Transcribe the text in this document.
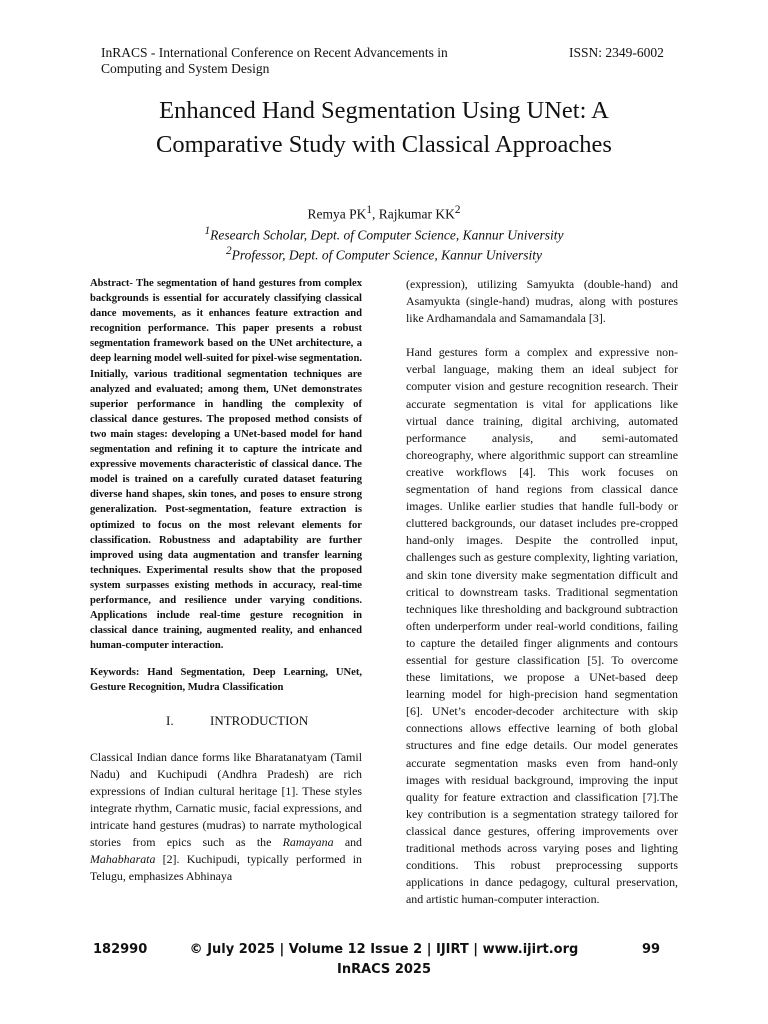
InRACS - International Conference on Recent Advancements in Computing and System Design
ISSN: 2349-6002
Enhanced Hand Segmentation Using UNet: A
Comparative Study with Classical Approaches
Remya $PK^1$, Rajkumar $KK^2$
$^1$Research Scholar, Dept. of Computer Science, Kannur University
$^2$Professor, Dept. of Computer Science, Kannur University

Abstract- The segmentation of hand gestures from complex backgrounds is essential for accurately classifying classical dance movements, as it enhances feature extraction and recognition performance. This paper presents a robust segmentation framework based on the UNet architecture, a deep learning model well-suited for pixel-wise segmentation. Initially, various traditional segmentation techniques are analyzed and evaluated; among them, UNet demonstrates superior performance in handling the complexity of classical dance gestures. The proposed method consists of two main stages: developing a UNet-based model for hand segmentation and refining it to capture the intricate and expressive movements characteristic of classical dance. The model is trained on a carefully curated dataset featuring diverse hand shapes, skin tones, and poses to ensure strong generalization. Post-segmentation, feature extraction is optimized to focus on the most relevant elements for classification. Robustness and adaptability are further improved using data augmentation and transfer learning techniques. Experimental results show that the proposed system surpasses existing methods in accuracy, real-time performance, and resilience under varying conditions. Applications include real-time gesture recognition in classical dance training, augmented reality, and enhanced human-computer interaction.

Keywords: Hand Segmentation, Deep Learning, UNet, Gesture Recognition, Mudra Classification

I.	INTRODUCTION

Classical Indian dance forms like Bharatanatyam (Tamil Nadu) and Kuchipudi (Andhra Pradesh) are rich expressions of Indian cultural heritage [1]. These styles integrate rhythm, Carnatic music, facial expressions, and intricate hand gestures (mudras) to narrate mythological stories from epics such as the Ramayana and Mahabharata [2]. Kuchipudi, typically performed in Telugu, emphasizes Abhinaya

(expression), utilizing Samyukta (double-hand) and Asamyukta (single-hand) mudras, along with postures like Ardhamandala and Samamandala [3].

Hand gestures form a complex and expressive non-verbal language, making them an ideal subject for computer vision and gesture recognition research. Their accurate segmentation is vital for applications like virtual dance training, digital archiving, automated performance analysis, and semi-automated choreography, where algorithmic support can streamline creative workflows [4]. This work focuses on segmentation of hand regions from classical dance images. Unlike earlier studies that handle full-body or cluttered backgrounds, our dataset includes pre-cropped hand-only images. Despite the controlled input, challenges such as gesture complexity, lighting variation, and skin tone diversity make segmentation difficult and critical to downstream tasks. Traditional segmentation techniques like thresholding and background subtraction often underperform under real-world conditions, failing to capture the detailed finger alignments and contours essential for gesture classification [5]. To overcome these limitations, we propose a UNet-based deep learning model for high-precision hand segmentation [6]. UNet’s encoder-decoder architecture with skip connections allows effective learning of both global structures and fine edge details. Our model generates accurate segmentation masks even from hand-only images with residual background, improving the input quality for feature extraction and classification [7].The key contribution is a segmentation strategy tailored for classical dance gestures, offering improvements over traditional methods across varying poses and lighting conditions. This robust preprocessing supports applications in dance pedagogy, cultural preservation, and artistic human-computer interaction.

182990	© July 2025 | Volume 12 Issue 2 | IJIRT | www.ijirt.org	99
InRACS 2025
